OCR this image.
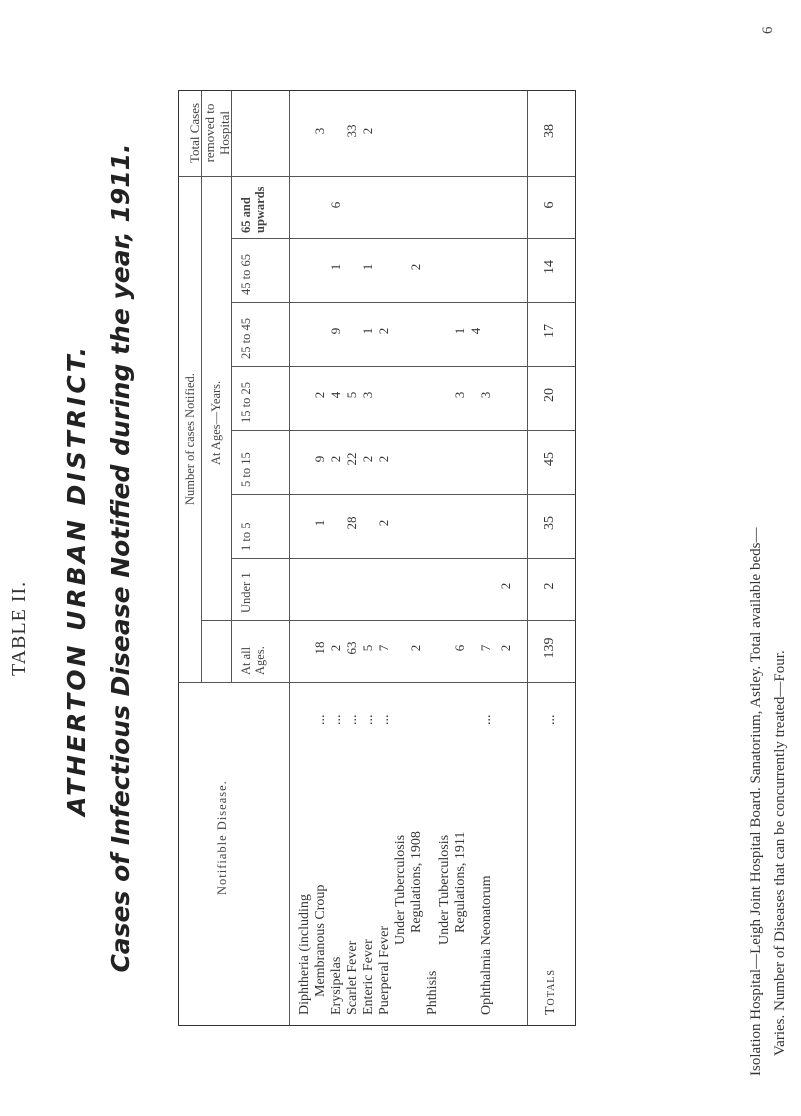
TABLE II. ATHERTON URBAN DISTRICT. Cases of Infectious Disease Notified during the year, 1911.	Notifiable Disease.
Number of cases Notified.
At all Ages.
At Ages—Years.
Under 1
1 to 5
5 to 15
15 to 25
25 to 45
45 to 65
65 and upwards
Total Cases removed to Hospital
Diphtheria (including Membranous Croup Erysipelas Scarlet Fever Enteric Fever Puerperal Fever Phthisis
Under Tuberculosis Regulations, 1908 Under Tuberculosis Regulations, 1911 Ophthalmia Neonatorum
... ... ... ... ...	...
Totals
...
18
1
9
2
3
2
2
4
9
1
6
63
28
22
5
33
5
2
3
1
1
2
7
2
2
2
2
2
6
3
1 4
7
3
2
2
139
2
35
45
20
17
14
6
38
Isolation Hospital—Leigh Joint Hospital Board. Sanatorium, Astley. Total available beds— Varies. Number of Diseases that can be concurrently treated—Four.
6
